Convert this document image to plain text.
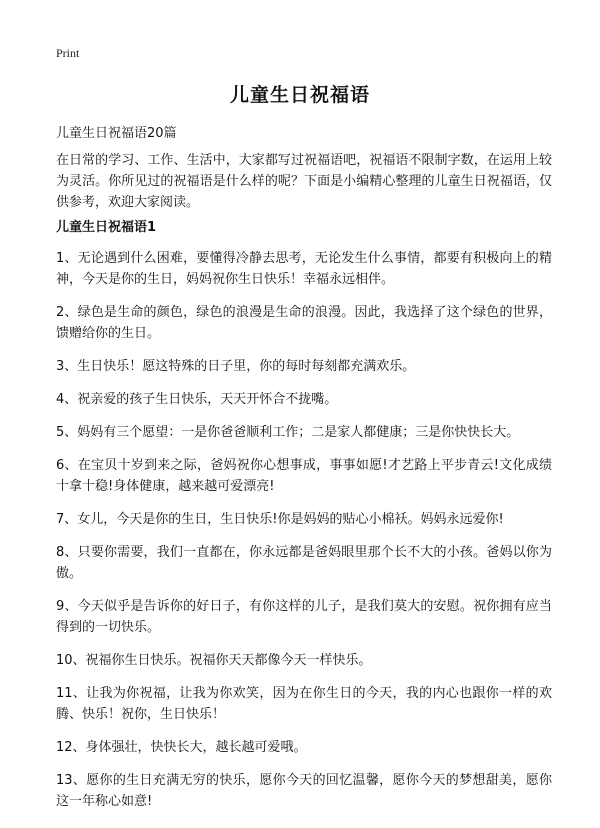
Print
儿童生日祝福语
儿童生日祝福语20篇
在日常的学习、工作、生活中，大家都写过祝福语吧，祝福语不限制字数，在运用上较为灵活。你所见过的祝福语是什么样的呢？下面是小编精心整理的儿童生日祝福语，仅供参考，欢迎大家阅读。
儿童生日祝福语1
1、无论遇到什么困难，要懂得冷静去思考，无论发生什么事情，都要有积极向上的精神，今天是你的生日，妈妈祝你生日快乐！幸福永远相伴。
2、绿色是生命的颜色，绿色的浪漫是生命的浪漫。因此，我选择了这个绿色的世界，馈赠给你的生日。
3、生日快乐！愿这特殊的日子里，你的每时每刻都充满欢乐。
4、祝亲爱的孩子生日快乐，天天开怀合不拢嘴。
5、妈妈有三个愿望：一是你爸爸顺利工作；二是家人都健康；三是你快快长大。
6、在宝贝十岁到来之际，爸妈祝你心想事成，事事如愿!才艺路上平步青云!文化成绩十拿十稳!身体健康，越来越可爱漂亮!
7、女儿，今天是你的生日，生日快乐!你是妈妈的贴心小棉袄。妈妈永远爱你!
8、只要你需要，我们一直都在，你永远都是爸妈眼里那个长不大的小孩。爸妈以你为傲。
9、今天似乎是告诉你的好日子，有你这样的儿子，是我们莫大的安慰。祝你拥有应当得到的一切快乐。
10、祝福你生日快乐。祝福你天天都像今天一样快乐。
11、让我为你祝福，让我为你欢笑，因为在你生日的今天，我的内心也跟你一样的欢腾、快乐！祝你，生日快乐！
12、身体强壮，快快长大，越长越可爱哦。
13、愿你的生日充满无穷的快乐，愿你今天的回忆温馨，愿你今天的梦想甜美，愿你这一年称心如意!
